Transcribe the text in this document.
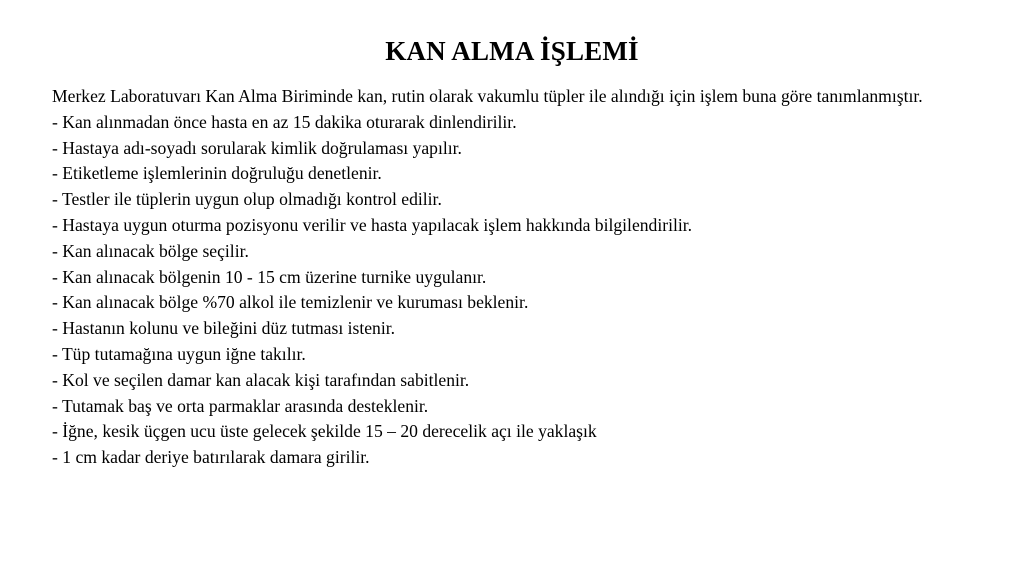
KAN ALMA İŞLEMİ

Merkez Laboratuvarı Kan Alma Biriminde kan, rutin olarak vakumlu tüpler ile alındığı için işlem buna göre tanımlanmıştır.

- Kan alınmadan önce hasta en az 15 dakika oturarak dinlendirilir.
- Hastaya adı-soyadı sorularak kimlik doğrulaması yapılır.
- Etiketleme işlemlerinin doğruluğu denetlenir.
- Testler ile tüplerin uygun olup olmadığı kontrol edilir.
- Hastaya uygun oturma pozisyonu verilir ve hasta yapılacak işlem hakkında bilgilendirilir.
- Kan alınacak bölge seçilir.
- Kan alınacak bölgenin 10 - 15 cm üzerine turnike uygulanır.
- Kan alınacak bölge %70 alkol ile temizlenir ve kuruması beklenir.
- Hastanın kolunu ve bileğini düz tutması istenir.
- Tüp tutamağına uygun iğne takılır.
- Kol ve seçilen damar kan alacak kişi tarafından sabitlenir.
- Tutamak baş ve orta parmaklar arasında desteklenir.
- İğne, kesik üçgen ucu üste gelecek şekilde 15 – 20 derecelik açı ile yaklaşık
- 1 cm kadar deriye batırılarak damara girilir.
